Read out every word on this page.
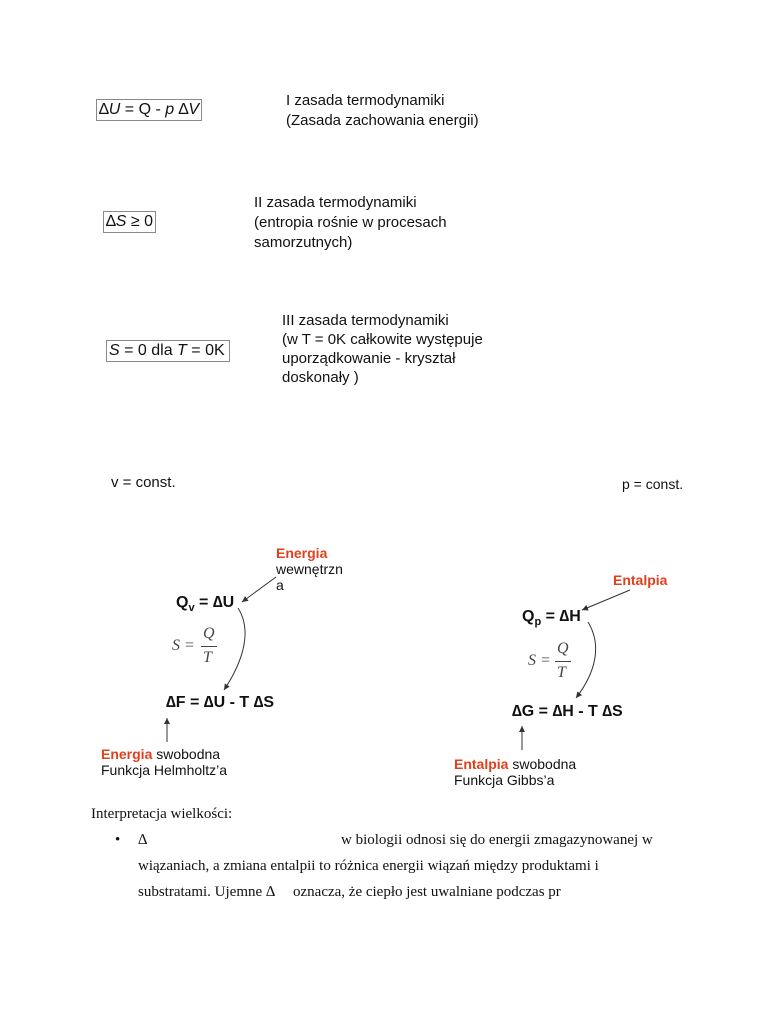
∆U = Q - p ∆V
I zasada termodynamiki
(Zasada zachowania energii)
∆S ≥ 0
II zasada termodynamiki
(entropia rośnie w procesach
samorzutnych)
S = 0 dla T = 0K
III zasada termodynamiki
(w T = 0K całkowite występuje
uporządkowanie - kryształ
doskonały )
v = const.	p = const.
Energia
wewnętrzn
a
$Q_v = \Delta U$
S =
Q
T
∆F = ∆U - T ∆S
Energia swobodna
Funkcja Helmholtz’a
Entalpia
$Q_p = \Delta H$
S =
Q
T
∆G = ∆H - T ∆S
Entalpia swobodna
Funkcja Gibbs’a
Interpretacja wielkości:
• ∆	w biologii odnosi się do energii zmagazynowanej w
wiązaniach, a zmiana entalpii to różnica energii wiązań między produktami i
substratami. Ujemne ∆ oznacza, że ciepło jest uwalniane podczas pr
